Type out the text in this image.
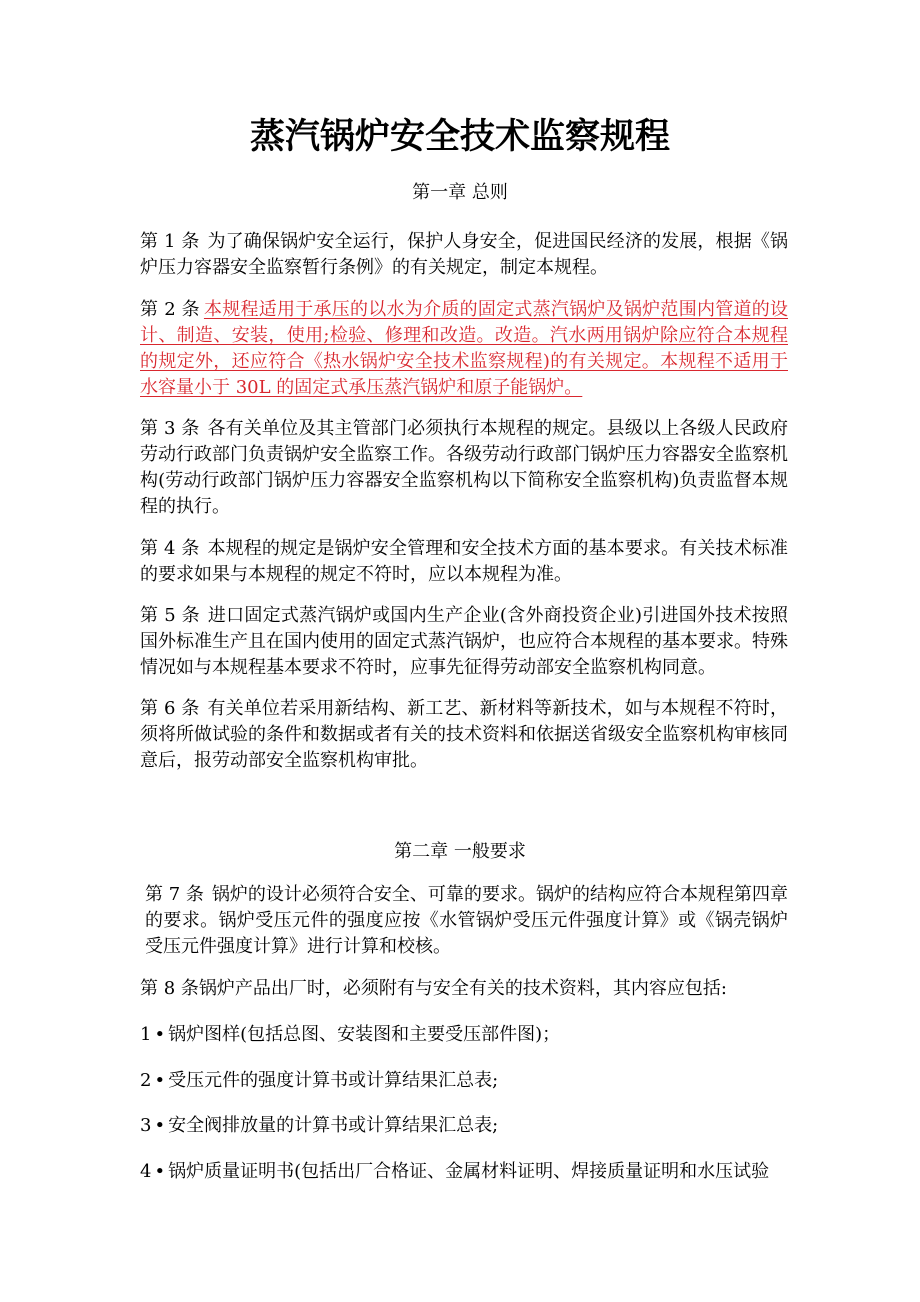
蒸汽锅炉安全技术监察规程

第一章 总则

第 1 条 为了确保锅炉安全运行，保护人身安全，促进国民经济的发展，根据《锅炉压力容器安全监察暂行条例》的有关规定，制定本规程。

第 2 条 本规程适用于承压的以水为介质的固定式蒸汽锅炉及锅炉范围内管道的设计、制造、安装，使用;检验、修理和改造。改造。汽水两用锅炉除应符合本规程的规定外，还应符合《热水锅炉安全技术监察规程)的有关规定。本规程不适用于水容量小于 30L 的固定式承压蒸汽锅炉和原子能锅炉。

第 3 条 各有关单位及其主管部门必须执行本规程的规定。县级以上各级人民政府劳动行政部门负责锅炉安全监察工作。各级劳动行政部门锅炉压力容器安全监察机构(劳动行政部门锅炉压力容器安全监察机构以下简称安全监察机构)负责监督本规程的执行。

第 4 条 本规程的规定是锅炉安全管理和安全技术方面的基本要求。有关技术标准的要求如果与本规程的规定不符时，应以本规程为准。

第 5 条 进口固定式蒸汽锅炉或国内生产企业(含外商投资企业)引进国外技术按照国外标准生产且在国内使用的固定式蒸汽锅炉，也应符合本规程的基本要求。特殊情况如与本规程基本要求不符时，应事先征得劳动部安全监察机构同意。

第 6 条 有关单位若采用新结构、新工艺、新材料等新技术，如与本规程不符时，须将所做试验的条件和数据或者有关的技术资料和依据送省级安全监察机构审核同意后，报劳动部安全监察机构审批。

第二章 一般要求

第 7 条 锅炉的设计必须符合安全、可靠的要求。锅炉的结构应符合本规程第四章的要求。锅炉受压元件的强度应按《水管锅炉受压元件强度计算》或《锅壳锅炉受压元件强度计算》进行计算和校核。

第 8 条锅炉产品出厂时，必须附有与安全有关的技术资料，其内容应包括:

1 • 锅炉图样(包括总图、安装图和主要受压部件图)；

2 • 受压元件的强度计算书或计算结果汇总表;

3 • 安全阀排放量的计算书或计算结果汇总表;

4 • 锅炉质量证明书(包括出厂合格证、金属材料证明、焊接质量证明和水压试验
